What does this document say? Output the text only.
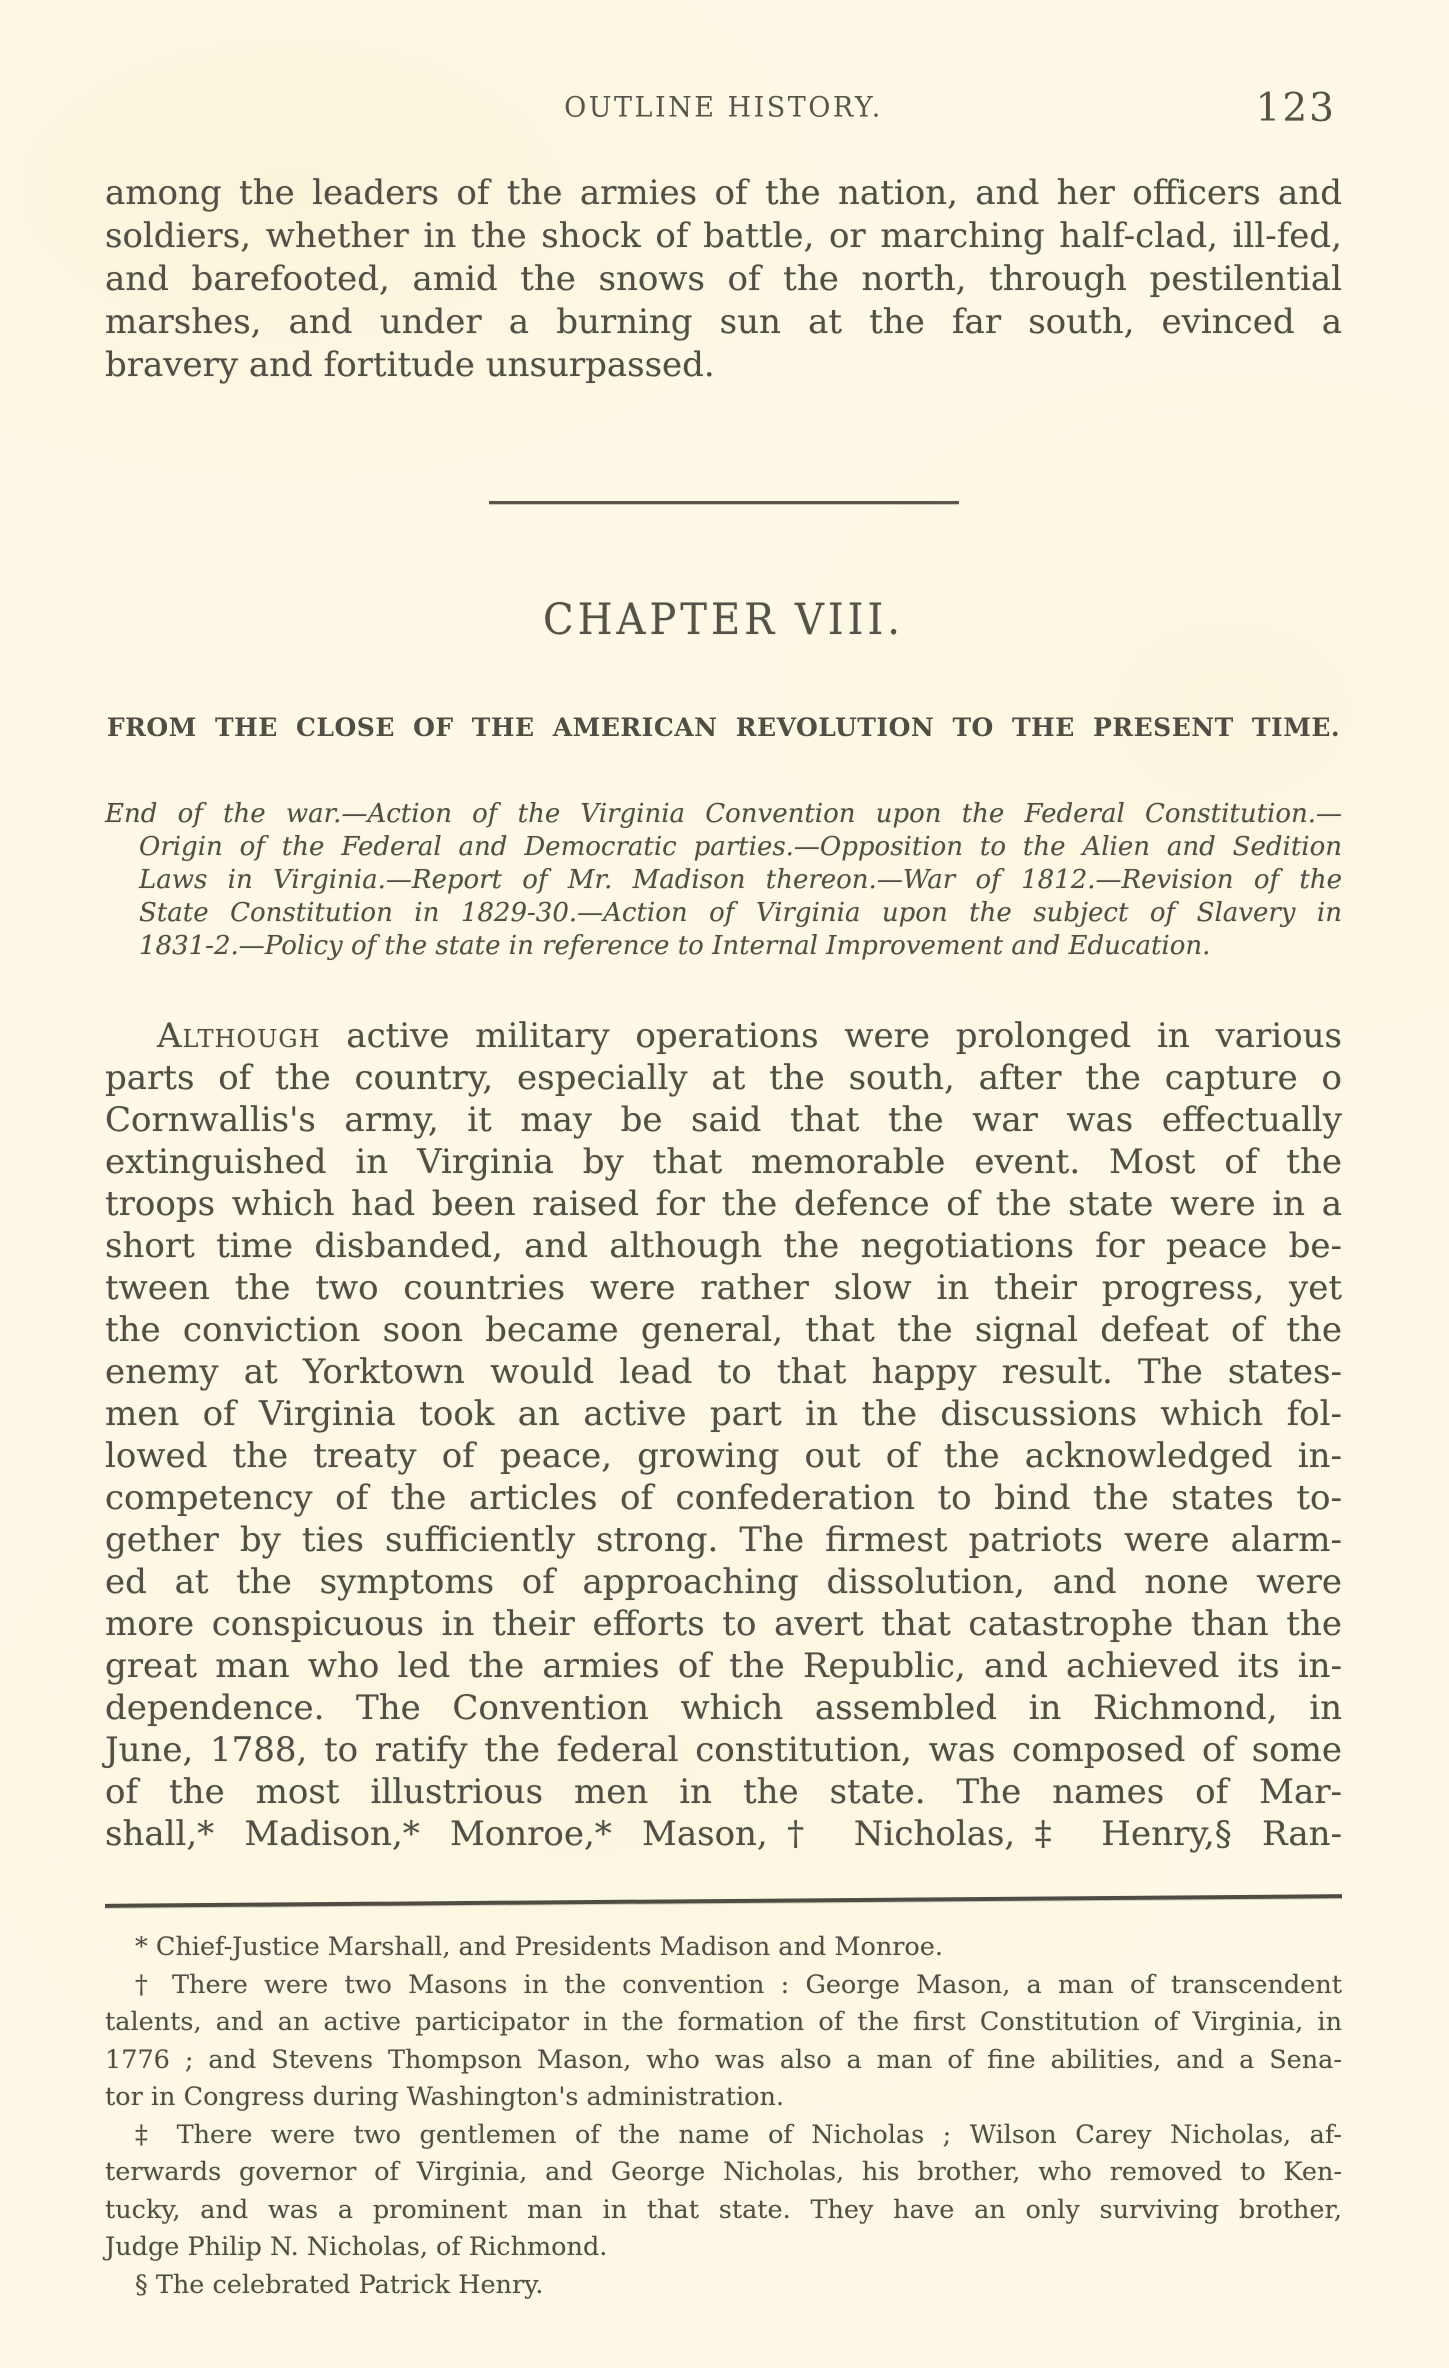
OUTLINE HISTORY.	123
among the leaders of the armies of the nation, and her officers and
soldiers, whether in the shock of battle, or marching half-clad, ill-fed,
and barefooted, amid the snows of the north, through pestilential
marshes, and under a burning sun at the far south, evinced a
bravery and fortitude unsurpassed.
CHAPTER VIII.
FROM THE CLOSE OF THE AMERICAN REVOLUTION TO THE PRESENT TIME.
End of the war.—Action of the Virginia Convention upon the Federal Constitution.—
Origin of the Federal and Democratic parties.—Opposition to the Alien and Sedition
Laws in Virginia.—Report of Mr. Madison thereon.—War of 1812.—Revision of the
State Constitution in 1829-30.—Action of Virginia upon the subject of Slavery in
1831-2.—Policy of the state in reference to Internal Improvement and Education.
Although active military operations were prolonged in various
parts of the country, especially at the south, after the capture o
Cornwallis's army, it may be said that the war was effectually
extinguished in Virginia by that memorable event. Most of the
troops which had been raised for the defence of the state were in a
short time disbanded, and although the negotiations for peace be-
tween the two countries were rather slow in their progress, yet
the conviction soon became general, that the signal defeat of the
enemy at Yorktown would lead to that happy result. The states-
men of Virginia took an active part in the discussions which fol-
lowed the treaty of peace, growing out of the acknowledged in-
competency of the articles of confederation to bind the states to-
gether by ties sufficiently strong. The firmest patriots were alarm-
ed at the symptoms of approaching dissolution, and none were
more conspicuous in their efforts to avert that catastrophe than the
great man who led the armies of the Republic, and achieved its in-
dependence. The Convention which assembled in Richmond, in
June, 1788, to ratify the federal constitution, was composed of some
of the most illustrious men in the state. The names of Mar-
shall,* Madison,* Monroe,* Mason,† Nicholas,‡ Henry,§ Ran-
* Chief-Justice Marshall, and Presidents Madison and Monroe.
† There were two Masons in the convention : George Mason, a man of transcendent
talents, and an active participator in the formation of the first Constitution of Virginia, in
1776 ; and Stevens Thompson Mason, who was also a man of fine abilities, and a Sena-
tor in Congress during Washington's administration.
‡ There were two gentlemen of the name of Nicholas ; Wilson Carey Nicholas, af-
terwards governor of Virginia, and George Nicholas, his brother, who removed to Ken-
tucky, and was a prominent man in that state. They have an only surviving brother,
Judge Philip N. Nicholas, of Richmond.
§ The celebrated Patrick Henry.
